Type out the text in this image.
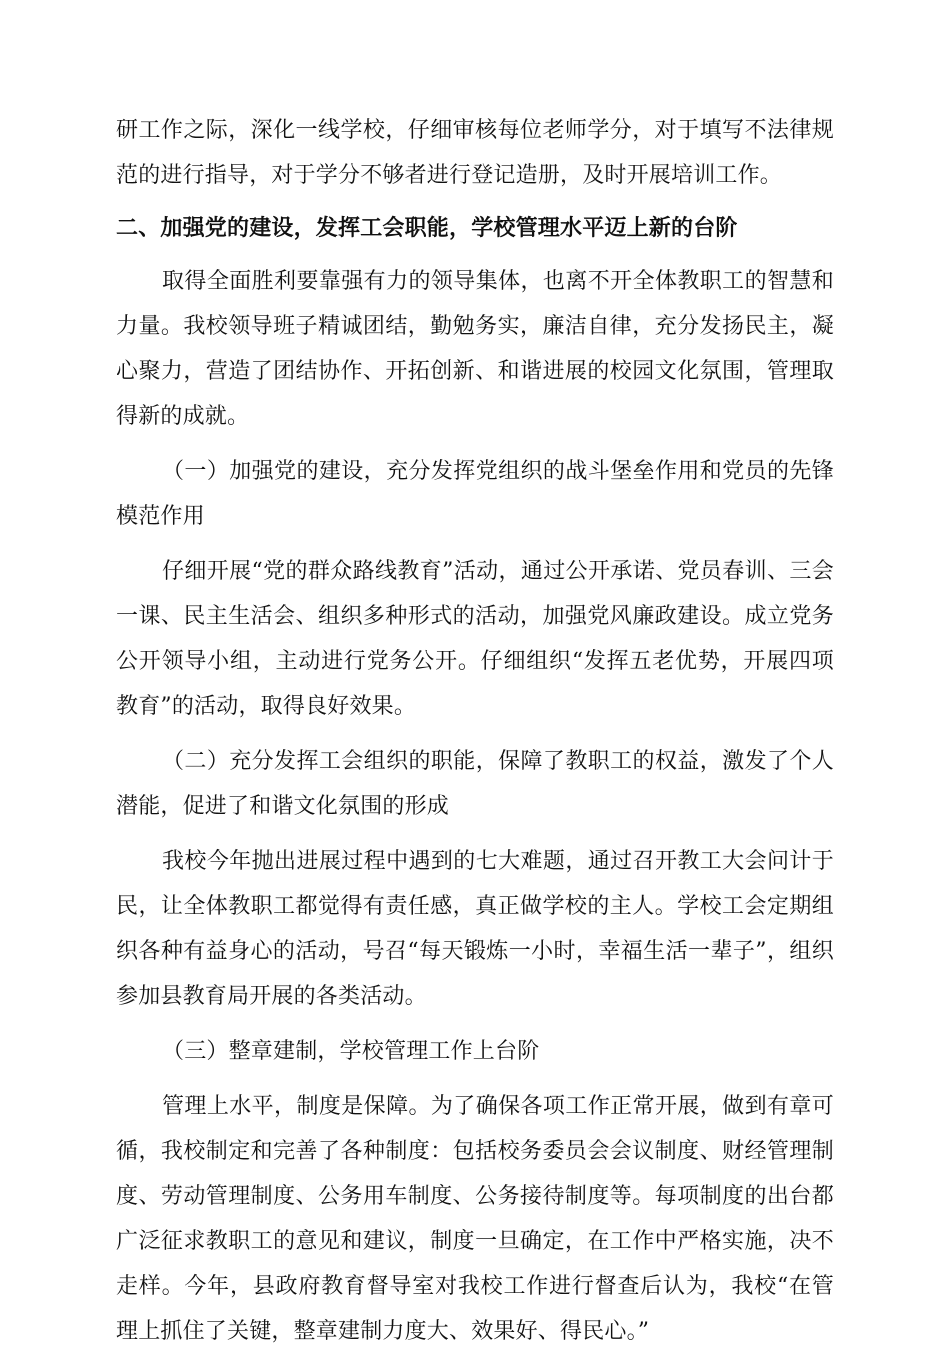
研工作之际，深化一线学校，仔细审核每位老师学分，对于填写不法律规范的进行指导，对于学分不够者进行登记造册，及时开展培训工作。

二、加强党的建设，发挥工会职能，学校管理水平迈上新的台阶

取得全面胜利要靠强有力的领导集体，也离不开全体教职工的智慧和力量。我校领导班子精诚团结，勤勉务实，廉洁自律，充分发扬民主，凝心聚力，营造了团结协作、开拓创新、和谐进展的校园文化氛围，管理取得新的成就。

（一）加强党的建设，充分发挥党组织的战斗堡垒作用和党员的先锋模范作用

仔细开展“党的群众路线教育”活动，通过公开承诺、党员春训、三会一课、民主生活会、组织多种形式的活动，加强党风廉政建设。成立党务公开领导小组，主动进行党务公开。仔细组织“发挥五老优势，开展四项教育”的活动，取得良好效果。

（二）充分发挥工会组织的职能，保障了教职工的权益，激发了个人潜能，促进了和谐文化氛围的形成

我校今年抛出进展过程中遇到的七大难题，通过召开教工大会问计于民，让全体教职工都觉得有责任感，真正做学校的主人。学校工会定期组织各种有益身心的活动，号召“每天锻炼一小时，幸福生活一辈子”，组织参加县教育局开展的各类活动。

（三）整章建制，学校管理工作上台阶

管理上水平，制度是保障。为了确保各项工作正常开展，做到有章可循，我校制定和完善了各种制度：包括校务委员会会议制度、财经管理制度、劳动管理制度、公务用车制度、公务接待制度等。每项制度的出台都广泛征求教职工的意见和建议，制度一旦确定，在工作中严格实施，决不走样。今年，县政府教育督导室对我校工作进行督查后认为，我校“在管理上抓住了关键，整章建制力度大、效果好、得民心。”
